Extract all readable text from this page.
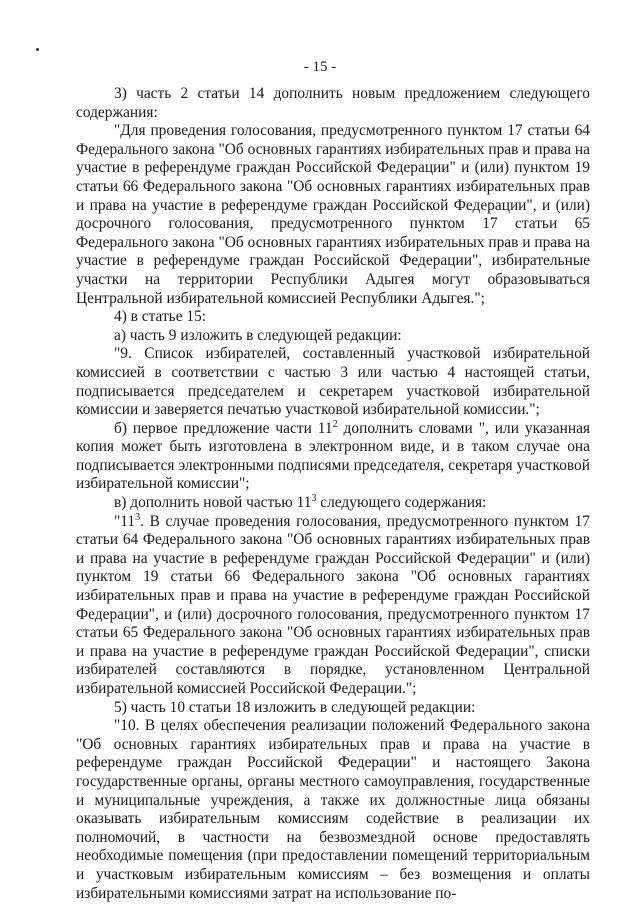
- 15 -

3) часть 2 статьи 14 дополнить новым предложением следующего содержания:

"Для проведения голосования, предусмотренного пунктом 17 статьи 64 Федерального закона "Об основных гарантиях избирательных прав и права на участие в референдуме граждан Российской Федерации" и (или) пунктом 19 статьи 66 Федерального закона "Об основных гарантиях избирательных прав и права на участие в референдуме граждан Российской Федерации", и (или) досрочного голосования, предусмотренного пунктом 17 статьи 65 Федерального закона "Об основных гарантиях избирательных прав и права на участие в референдуме граждан Российской Федерации", избирательные участки на территории Республики Адыгея могут образовываться Центральной избирательной комиссией Республики Адыгея.";

4) в статье 15:

а) часть 9 изложить в следующей редакции:

"9. Список избирателей, составленный участковой избирательной комиссией в соответствии с частью 3 или частью 4 настоящей статьи, подписывается председателем и секретарем участковой избирательной комиссии и заверяется печатью участковой избирательной комиссии.";

б) первое предложение части $11^2$ дополнить словами ", или указанная копия может быть изготовлена в электронном виде, и в таком случае она подписывается электронными подписями председателя, секретаря участковой избирательной комиссии";

в) дополнить новой частью $11^3$ следующего содержания:

"$11^3$. В случае проведения голосования, предусмотренного пунктом 17 статьи 64 Федерального закона "Об основных гарантиях избирательных прав и права на участие в референдуме граждан Российской Федерации" и (или) пунктом 19 статьи 66 Федерального закона "Об основных гарантиях избирательных прав и права на участие в референдуме граждан Российской Федерации", и (или) досрочного голосования, предусмотренного пунктом 17 статьи 65 Федерального закона "Об основных гарантиях избирательных прав и права на участие в референдуме граждан Российской Федерации", списки избирателей составляются в порядке, установленном Центральной избирательной комиссией Российской Федерации.";

5) часть 10 статьи 18 изложить в следующей редакции:

"10. В целях обеспечения реализации положений Федерального закона "Об основных гарантиях избирательных прав и права на участие в референдуме граждан Российской Федерации" и настоящего Закона государственные органы, органы местного самоуправления, государственные и муниципальные учреждения, а также их должностные лица обязаны оказывать избирательным комиссиям содействие в реализации их полномочий, в частности на безвозмездной основе предоставлять необходимые помещения (при предоставлении помещений территориальным и участковым избирательным комиссиям – без возмещения и оплаты избирательными комиссиями затрат на использование по-
